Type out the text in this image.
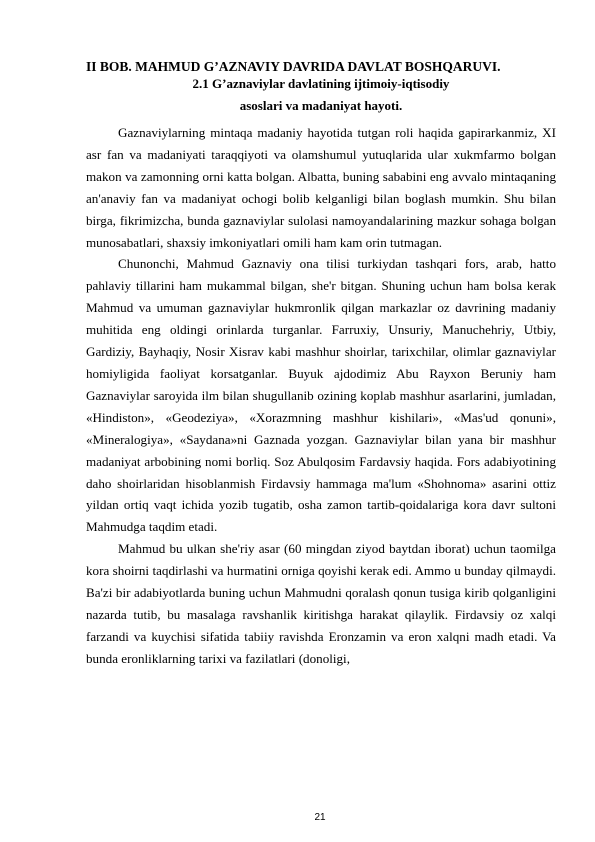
II BOB. MAHMUD G’AZNAVIY DAVRIDA DAVLAT BOSHQARUVI.
2.1 G’aznaviylar davlatining ijtimoiy-iqtisodiy
asoslari va madaniyat hayoti.

Gaznaviylarning mintaqa madaniy hayotida tutgan roli haqida gapirarkanmiz, XI asr fan va madaniyati taraqqiyoti va olamshumul yutuqlarida ular xukmfarmo bolgan makon va zamonning orni katta bolgan. Albatta, buning sababini eng avvalo mintaqaning an'anaviy fan va madaniyat ochogi bolib kelganligi bilan boglash mumkin. Shu bilan birga, fikrimizcha, bunda gaznaviylar sulolasi namoyandalarining mazkur sohaga bolgan munosabatlari, shaxsiy imkoniyatlari omili ham kam orin tutmagan.

Chunonchi, Mahmud Gaznaviy ona tilisi turkiydan tashqari fors, arab, hatto pahlaviy tillarini ham mukammal bilgan, she'r bitgan. Shuning uchun ham bolsa kerak Mahmud va umuman gaznaviylar hukmronlik qilgan markazlar oz davrining madaniy muhitida eng oldingi orinlarda turganlar. Farruxiy, Unsuriy, Manuchehriy, Utbiy, Gardiziy, Bayhaqiy, Nosir Xisrav kabi mashhur shoirlar, tarixchilar, olimlar gaznaviylar homiyligida faoliyat korsatganlar. Buyuk ajdodimiz Abu Rayxon Beruniy ham Gaznaviylar saroyida ilm bilan shugullanib ozining koplab mashhur asarlarini, jumladan, «Hindiston», «Geodeziya», «Xorazmning mashhur kishilari», «Mas'ud qonuni», «Mineralogiya», «Saydana»ni Gaznada yozgan. Gaznaviylar bilan yana bir mashhur madaniyat arbobining nomi borliq. Soz Abulqosim Fardavsiy haqida. Fors adabiyotining daho shoirlaridan hisoblanmish Firdavsiy hammaga ma'lum «Shohnoma» asarini ottiz yildan ortiq vaqt ichida yozib tugatib, osha zamon tartib-qoidalariga kora davr sultoni Mahmudga taqdim etadi.

Mahmud bu ulkan she'riy asar (60 mingdan ziyod baytdan iborat) uchun taomilga kora shoirni taqdirlashi va hurmatini orniga qoyishi kerak edi. Ammo u bunday qilmaydi. Ba'zi bir adabiyotlarda buning uchun Mahmudni qoralash qonun tusiga kirib qolganligini nazarda tutib, bu masalaga ravshanlik kiritishga harakat qilaylik. Firdavsiy oz xalqi farzandi va kuychisi sifatida tabiiy ravishda Eronzamin va eron xalqni madh etadi. Va bunda eronliklarning tarixi va fazilatlari (donoligi,

21
